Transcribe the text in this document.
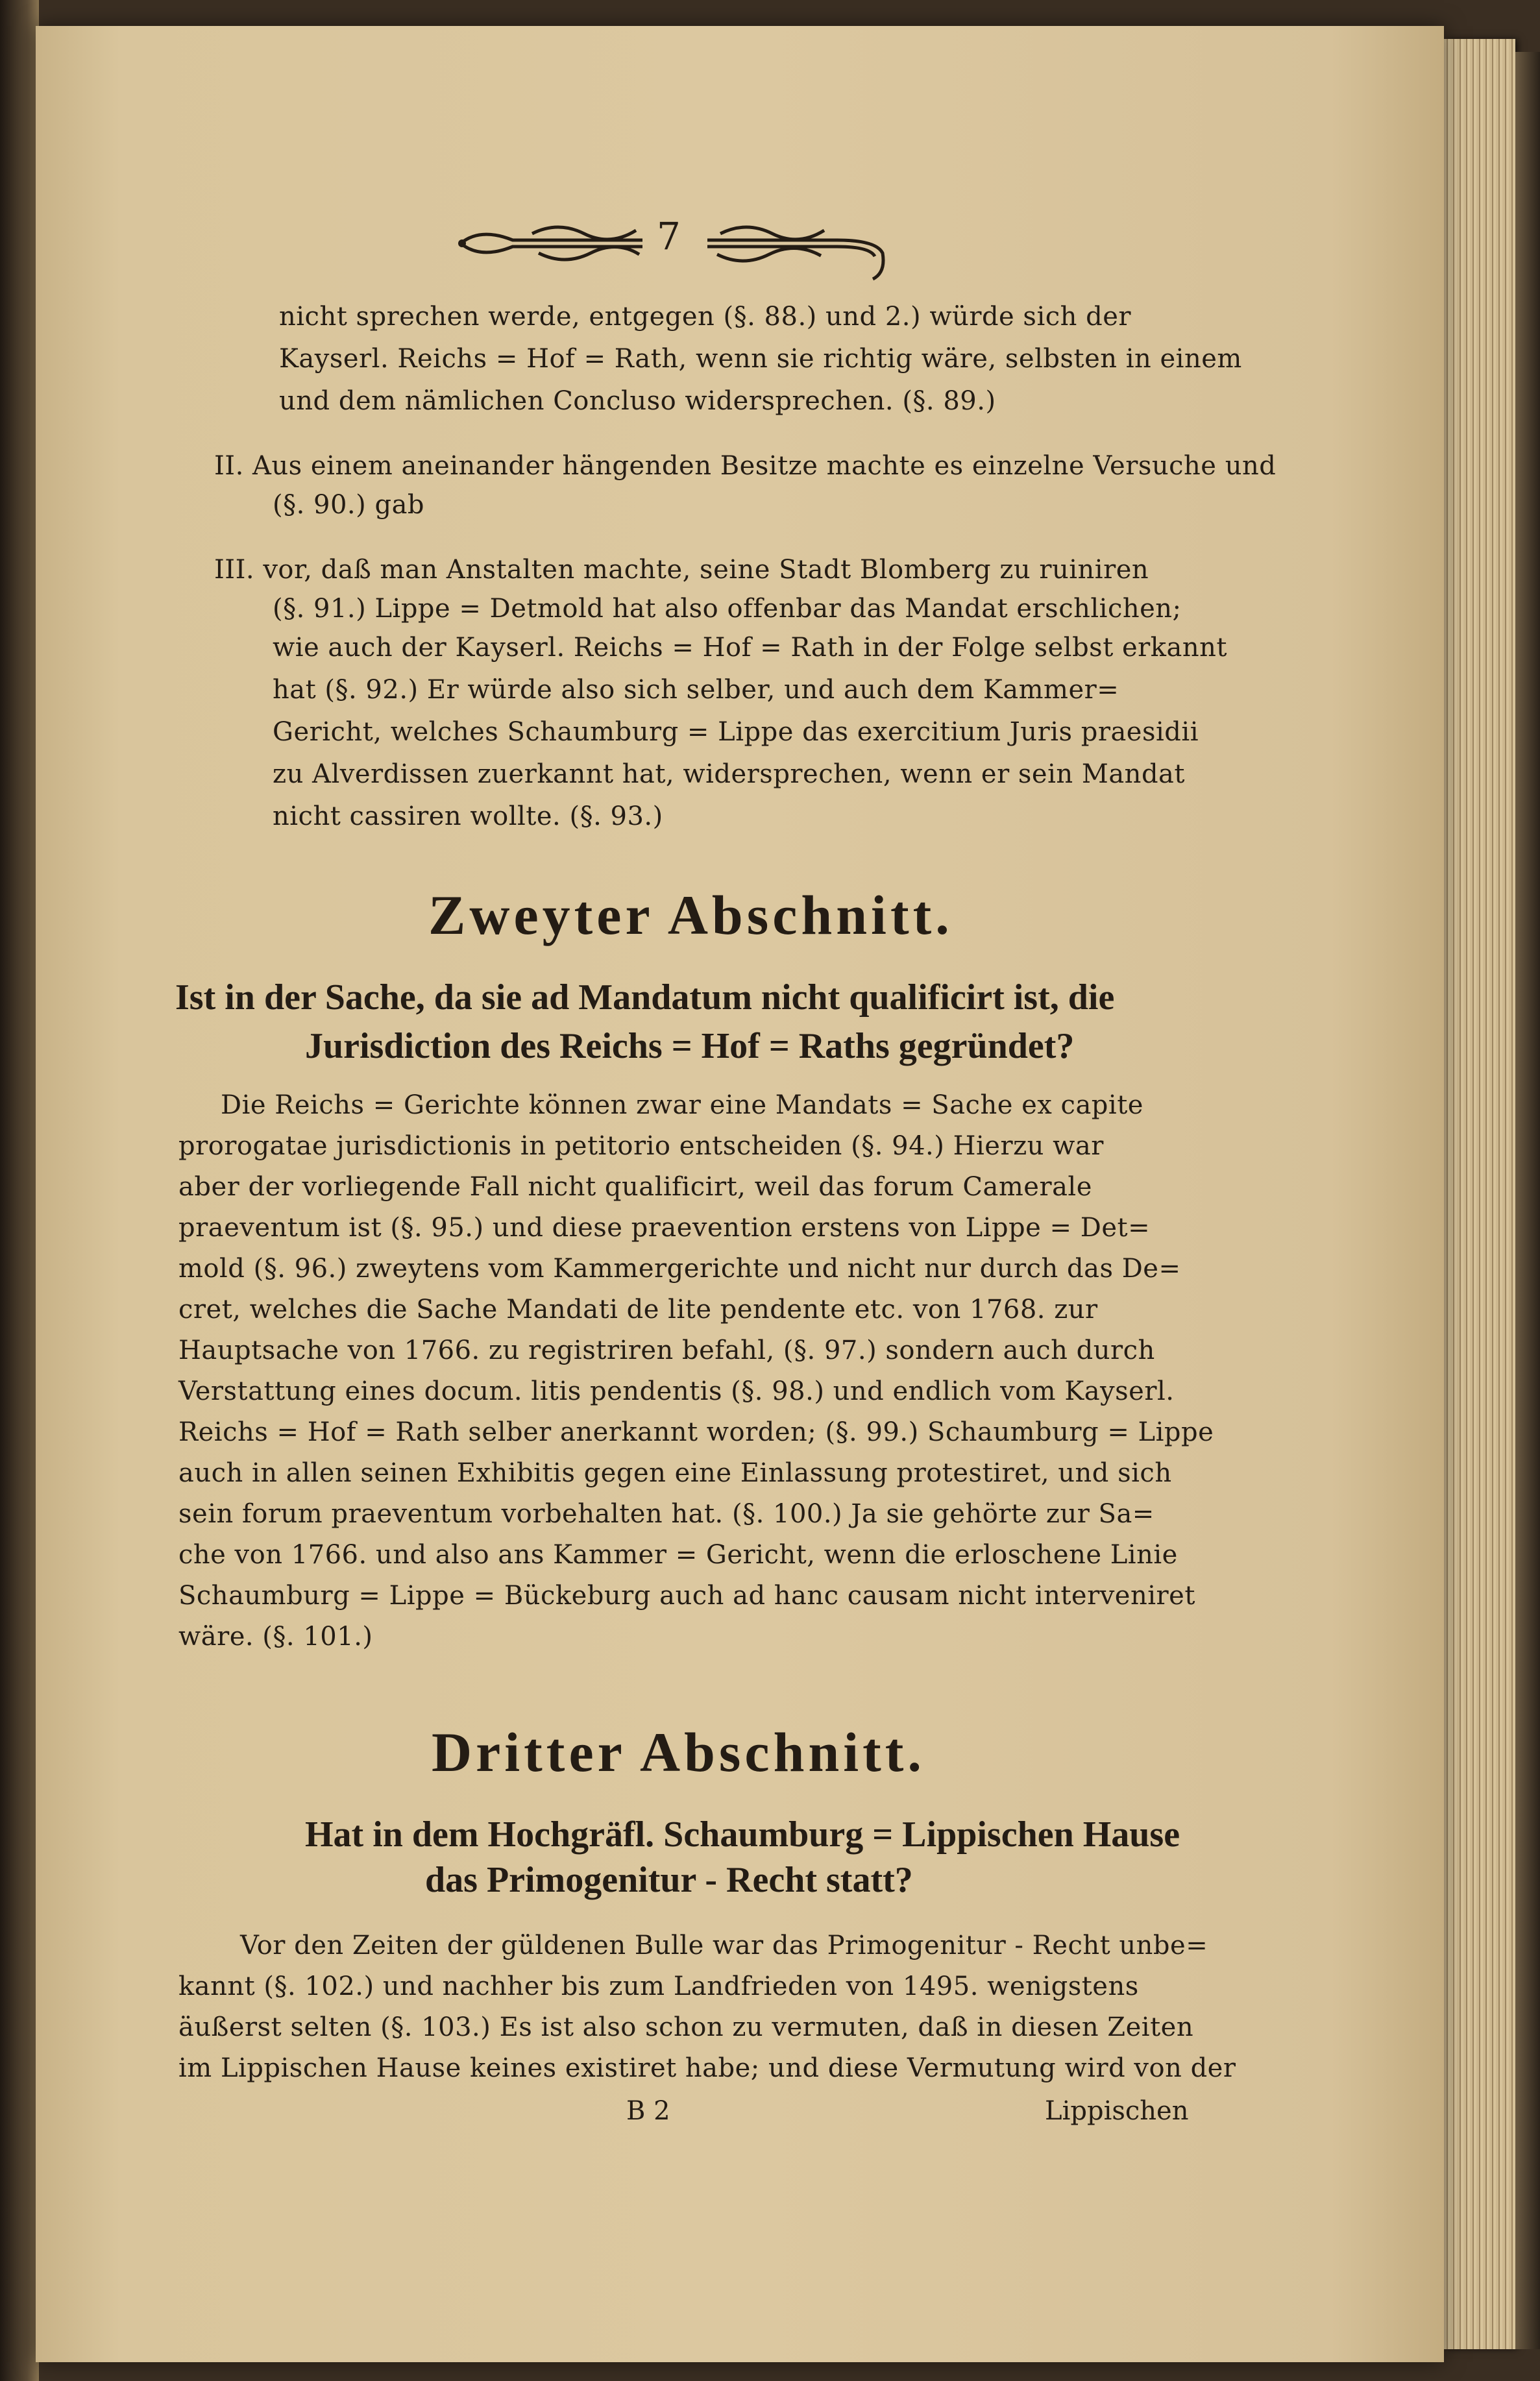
7
nicht sprechen werde, entgegen (§. 88.) und 2.) würde sich der
Kayserl. Reichs = Hof = Rath, wenn sie richtig wäre, selbsten in einem
und dem nämlichen Concluso widersprechen. (§. 89.)
II. Aus einem aneinander hängenden Besitze machte es einzelne Versuche und
(§. 90.) gab
III. vor, daß man Anstalten machte, seine Stadt Blomberg zu ruiniren
(§. 91.) Lippe = Detmold hat also offenbar das Mandat erschlichen;
wie auch der Kayserl. Reichs = Hof = Rath in der Folge selbst erkannt
hat (§. 92.) Er würde also sich selber, und auch dem Kammer=
Gericht, welches Schaumburg = Lippe das exercitium Juris praesidii
zu Alverdissen zuerkannt hat, widersprechen, wenn er sein Mandat
nicht cassiren wollte. (§. 93.)
Zweyter Abschnitt.
Ist in der Sache, da sie ad Mandatum nicht qualificirt ist, die
Jurisdiction des Reichs = Hof = Raths gegründet?
Die Reichs = Gerichte können zwar eine Mandats = Sache ex capite
prorogatae jurisdictionis in petitorio entscheiden (§. 94.) Hierzu war
aber der vorliegende Fall nicht qualificirt, weil das forum Camerale
praeventum ist (§. 95.) und diese praevention erstens von Lippe = Det=
mold (§. 96.) zweytens vom Kammergerichte und nicht nur durch das De=
cret, welches die Sache Mandati de lite pendente etc. von 1768. zur
Hauptsache von 1766. zu registriren befahl, (§. 97.) sondern auch durch
Verstattung eines docum. litis pendentis (§. 98.) und endlich vom Kayserl.
Reichs = Hof = Rath selber anerkannt worden; (§. 99.) Schaumburg = Lippe
auch in allen seinen Exhibitis gegen eine Einlassung protestiret, und sich
sein forum praeventum vorbehalten hat. (§. 100.) Ja sie gehörte zur Sa=
che von 1766. und also ans Kammer = Gericht, wenn die erloschene Linie
Schaumburg = Lippe = Bückeburg auch ad hanc causam nicht interveniret
wäre. (§. 101.)
Dritter Abschnitt.
Hat in dem Hochgräfl. Schaumburg = Lippischen Hause
das Primogenitur - Recht statt?
Vor den Zeiten der güldenen Bulle war das Primogenitur - Recht unbe=
kannt (§. 102.) und nachher bis zum Landfrieden von 1495. wenigstens
äußerst selten (§. 103.) Es ist also schon zu vermuten, daß in diesen Zeiten
im Lippischen Hause keines existiret habe; und diese Vermutung wird von der
B 2	Lippischen
